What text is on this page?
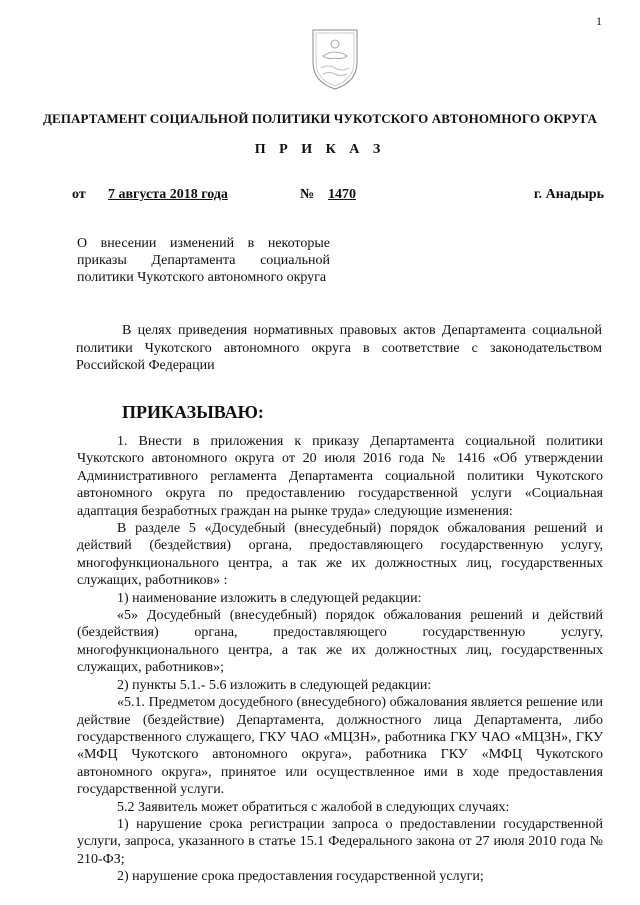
1
ДЕПАРТАМЕНТ СОЦИАЛЬНОЙ ПОЛИТИКИ ЧУКОТСКОГО АВТОНОМНОГО ОКРУГА
П Р И К А З
от 7 августа 2018 года	№ 1470	г. Анадырь
О внесении изменений в некоторые приказы Департамента социальной политики Чукотского автономного округа

В целях приведения нормативных правовых актов Департамента социальной политики Чукотского автономного округа в соответствие с законодательством Российской Федерации

ПРИКАЗЫВАЮ:

1. Внести в приложения к приказу Департамента социальной политики Чукотского автономного округа от 20 июля 2016 года № 1416 «Об утверждении Административного регламента Департамента социальной политики Чукотского автономного округа по предоставлению государственной услуги «Социальная адаптация безработных граждан на рынке труда» следующие изменения:

В разделе 5 «Досудебный (внесудебный) порядок обжалования решений и действий (бездействия) органа, предоставляющего государственную услугу, многофункционального центра, а так же их должностных лиц, государственных служащих, работников» :

1) наименование изложить в следующей редакции:

«5» Досудебный (внесудебный) порядок обжалования решений и действий (бездействия) органа, предоставляющего государственную услугу, многофункционального центра, а так же их должностных лиц, государственных служащих, работников»;

2) пункты 5.1.- 5.6 изложить в следующей редакции:

«5.1. Предметом досудебного (внесудебного) обжалования является решение или действие (бездействие) Департамента, должностного лица Департамента, либо государственного служащего, ГКУ ЧАО «МЦЗН», работника ГКУ ЧАО «МЦЗН», ГКУ «МФЦ Чукотского автономного округа», работника ГКУ «МФЦ Чукотского автономного округа», принятое или осуществленное ими в ходе предоставления государственной услуги.

5.2 Заявитель может обратиться с жалобой в следующих случаях:

1) нарушение срока регистрации запроса о предоставлении государственной услуги, запроса, указанного в статье 15.1 Федерального закона от 27 июля 2010 года № 210-ФЗ;

2) нарушение срока предоставления государственной услуги;
